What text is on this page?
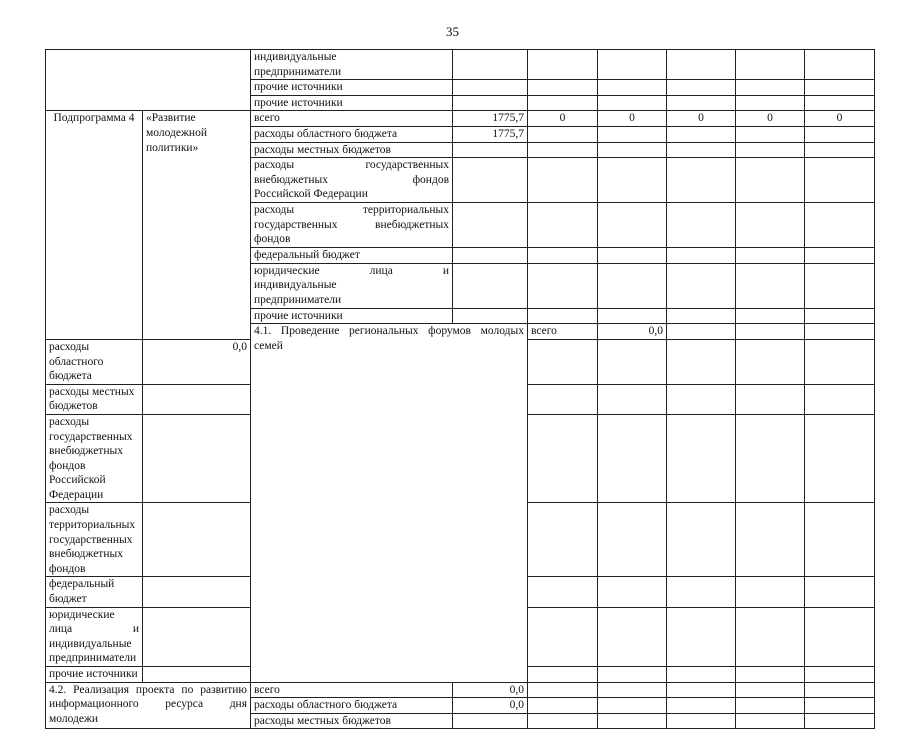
35

		индивидуальные
предприниматели							

		прочие источники							
		прочие источники							
Подпрограмма 4	«Развитие молодежной политики»	всего	1775,7	0	0	0	0	0	
		расходы областного бюджета	1775,7						
		расходы местных бюджетов							

		расходы государственных
внебюджетных фондов
Российской Федерации							

		расходы территориальных
государственных внебюджетных
фондов							

		федеральный бюджет							

		юридические лица и
индивидуальные
предприниматели							

		прочие источники							
		4.1. Проведение региональных форумов молодых семей		всего	0,0					
расходы областного бюджета	0,0								
расходы местных бюджетов									

расходы государственных
внебюджетных фондов
Российской Федерации									

расходы территориальных
государственных внебюджетных
фондов									

федеральный бюджет									

юридические лица и
индивидуальные
предприниматели									

прочие источники									
4.2. Реализация проекта по развитию информационного ресурса дня молодежи		всего	0,0						
		расходы областного бюджета	0,0						
		расходы местных бюджетов							
